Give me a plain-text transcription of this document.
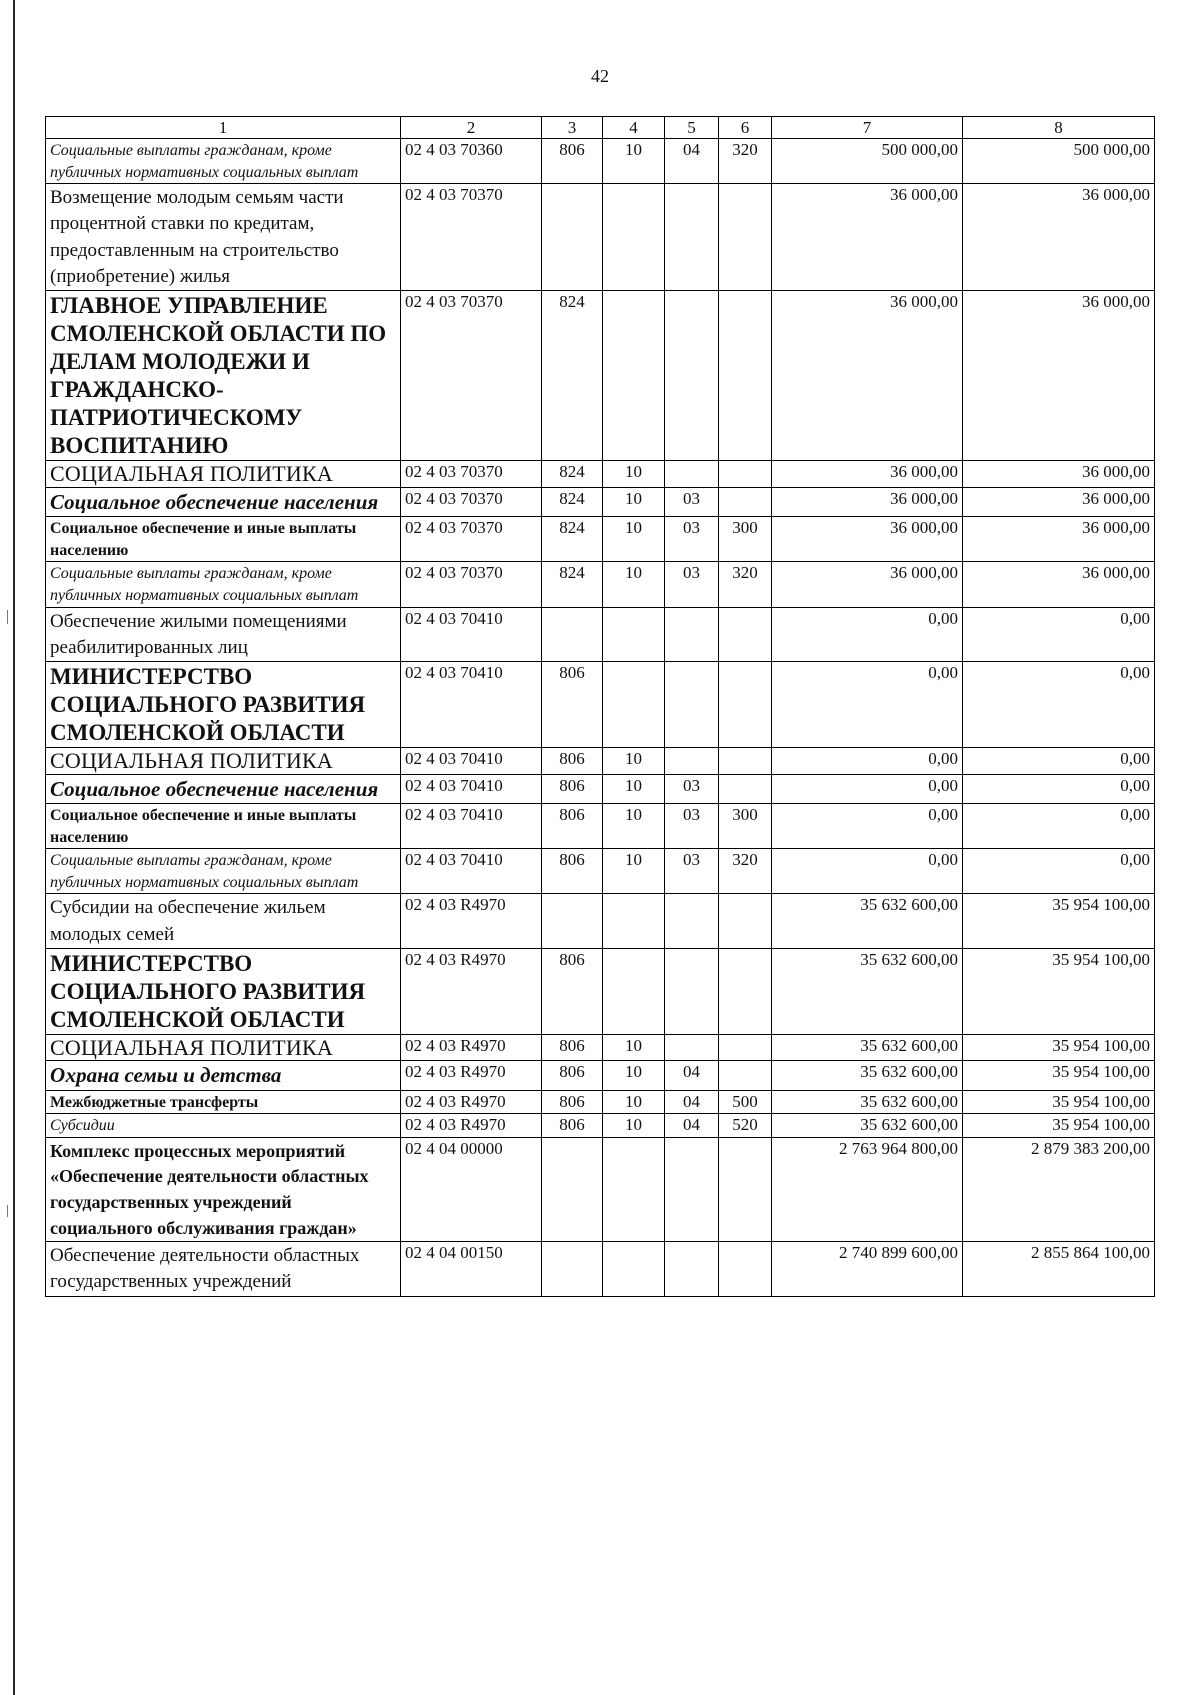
42
1	2	3	4	5	6	7	8
Социальные выплаты гражданам, кроме публичных нормативных социальных выплат	02 4 03 70360	806	10	04	320	500 000,00	500 000,00
Возмещение молодым семьям части процентной ставки по кредитам, предоставленным на строительство (приобретение) жилья	02 4 03 70370					36 000,00	36 000,00
ГЛАВНОЕ УПРАВЛЕНИЕ СМОЛЕНСКОЙ ОБЛАСТИ ПО ДЕЛАМ МОЛОДЕЖИ И ГРАЖДАНСКО-ПАТРИОТИЧЕСКОМУ ВОСПИТАНИЮ	02 4 03 70370	824				36 000,00	36 000,00
СОЦИАЛЬНАЯ ПОЛИТИКА	02 4 03 70370	824	10			36 000,00	36 000,00
Социальное обеспечение населения	02 4 03 70370	824	10	03		36 000,00	36 000,00
Социальное обеспечение и иные выплаты населению	02 4 03 70370	824	10	03	300	36 000,00	36 000,00
Социальные выплаты гражданам, кроме публичных нормативных социальных выплат	02 4 03 70370	824	10	03	320	36 000,00	36 000,00
Обеспечение жилыми помещениями реабилитированных лиц	02 4 03 70410					0,00	0,00
МИНИСТЕРСТВО СОЦИАЛЬНОГО РАЗВИТИЯ СМОЛЕНСКОЙ ОБЛАСТИ	02 4 03 70410	806				0,00	0,00
СОЦИАЛЬНАЯ ПОЛИТИКА	02 4 03 70410	806	10			0,00	0,00
Социальное обеспечение населения	02 4 03 70410	806	10	03		0,00	0,00
Социальное обеспечение и иные выплаты населению	02 4 03 70410	806	10	03	300	0,00	0,00
Социальные выплаты гражданам, кроме публичных нормативных социальных выплат	02 4 03 70410	806	10	03	320	0,00	0,00
Субсидии на обеспечение жильем молодых семей	02 4 03 R4970					35 632 600,00	35 954 100,00
МИНИСТЕРСТВО СОЦИАЛЬНОГО РАЗВИТИЯ СМОЛЕНСКОЙ ОБЛАСТИ	02 4 03 R4970	806				35 632 600,00	35 954 100,00
СОЦИАЛЬНАЯ ПОЛИТИКА	02 4 03 R4970	806	10			35 632 600,00	35 954 100,00
Охрана семьи и детства	02 4 03 R4970	806	10	04		35 632 600,00	35 954 100,00
Межбюджетные трансферты	02 4 03 R4970	806	10	04	500	35 632 600,00	35 954 100,00
Субсидии	02 4 03 R4970	806	10	04	520	35 632 600,00	35 954 100,00
Комплекс процессных мероприятий «Обеспечение деятельности областных государственных учреждений социального обслуживания граждан»	02 4 04 00000					2 763 964 800,00	2 879 383 200,00
Обеспечение деятельности областных государственных учреждений	02 4 04 00150					2 740 899 600,00	2 855 864 100,00
